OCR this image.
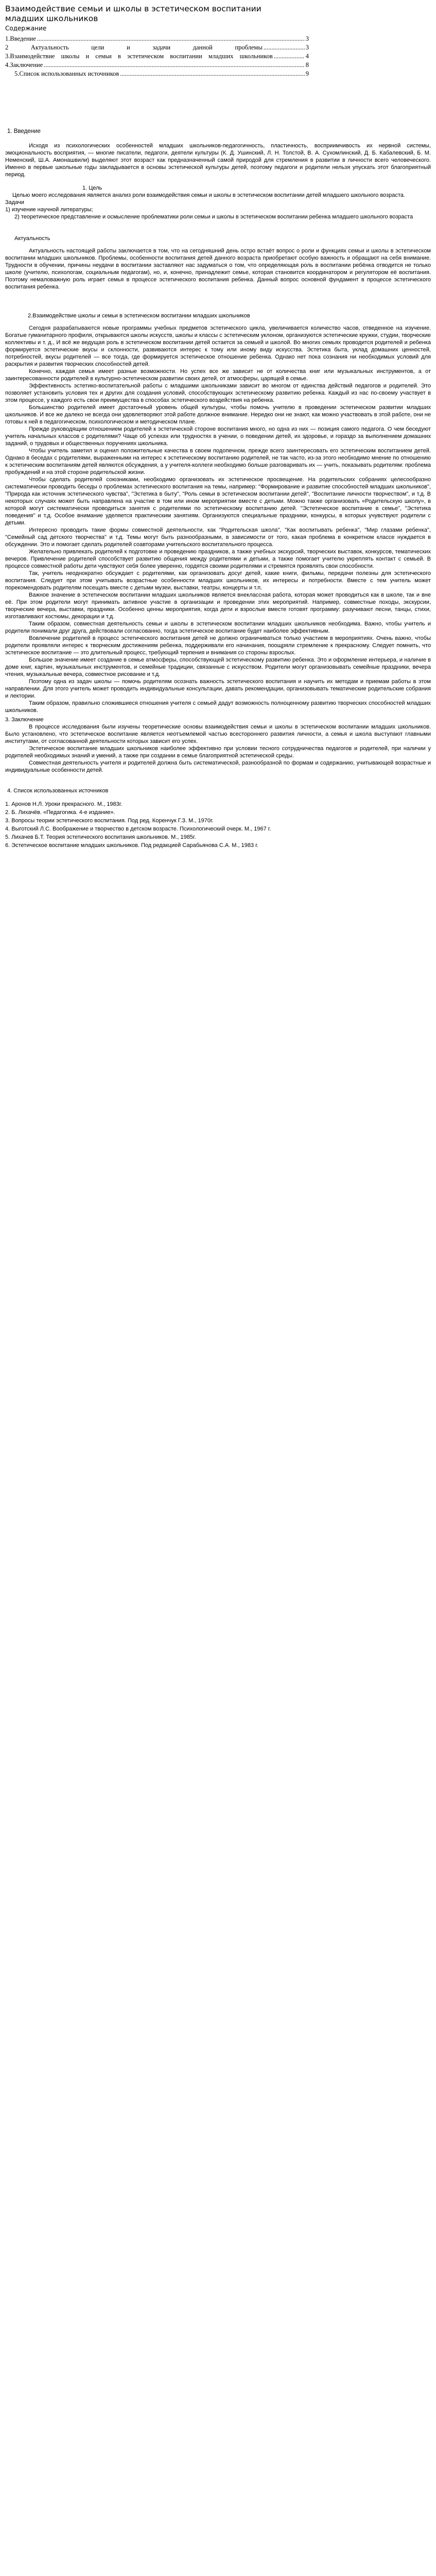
Взаимодействие семьи и школы в эстетическом воспитании младших школьников
Содержание
1.Введение .....	3
2 Актуальность цели и задачи данной проблемы .....	3
3.Взаимодействие школы и семьи в эстетическом воспитании младших школьников .....	4
4.Заключение .....	8
5.Список использованных источников .....	9
1. Введение

Исходя из психологических особенностей младших школьников-педагогичность, пластичность, восприимчивость их нервной системы, эмоциональность восприятия, — многие писатели, педагоги, деятели культуры (К. Д. Ушинский, Л. Н. Толстой, В. А. Сухомлинский, Д. Б. Кабалевский, Б. М. Неменский, Ш.А. Амонашвили) выделяют этот возраст как предназначенный самой природой для стремления в развитии в личности всего человеческого. Именно в первые школьные годы закладывается в основы эстетической культуры детей, поэтому педагоги и родители нельзя упускать этот благоприятный период.

1. Цель

Целью моего исследования является анализ роли взаимодействия семьи и школы в эстетическом воспитании детей младшего школьного возраста.

Задачи

1) изучение научной литературы;

2) теоретическое представление и осмысление проблематики роли семьи и школы в эстетическом воспитании ребенка младшего школьного возраста

Актуальность

Актуальность настоящей работы заключается в том, что на сегодняшний день остро встаёт вопрос о роли и функциях семьи и школы в эстетическом воспитании младших школьников. Проблемы, особенности воспитания детей данного возраста приобретают особую важность и обращают на себя внимание. Трудности в обучении, причины неудачи в воспитании заставляют нас задуматься о том, что определяющая роль в воспитании ребёнка отводится не только школе (учителю, психологам, социальным педагогам), но, и, конечно, принадлежит семье, которая становится координатором и регулятором её воспитания. Поэтому немаловажную роль играет семья в процессе эстетического воспитания ребенка. Данный вопрос основной фундамент в процессе эстетического воспитания ребенка.

2.Взаимодействие школы и семьи в эстетическом воспитании младших школьников

Сегодня разрабатываются новые программы учебных предметов эстетического цикла, увеличивается количество часов, отведенное на изучение. Богатые гуманитарного профиля, открываются школы искусств, школы и классы с эстетическим уклоном, организуются эстетические кружки, студии, творческие коллективы и т. д., И всё же ведущая роль в эстетическом воспитании детей остается за семьей и школой. Во многих семьях проводится родителей и ребенка формируется эстетические вкусы и склонности, развиваются интерес к тому или иному виду искусства. Эстетика быта, уклад домашних ценностей, потребностей, вкусы родителей — все тогда, где формируется эстетическое отношение ребенка. Однако нет пока сознания ни необходимых условий для раскрытия и развития творческих способностей детей.

Конечно, каждая семья имеет разные возможности. Но успех все же зависит не от количества книг или музыкальных инструментов, а от заинтересованности родителей в культурно-эстетическом развитии своих детей, от атмосферы, царящей в семье.

Эффективность эстетико-воспитательной работы с младшими школьниками зависит во многом от единства действий педагогов и родителей. Это позволяет установить условия тех и других для создания условий, способствующих эстетическому развитию ребенка. Каждый из нас по-своему участвует в этом процессе, у каждого есть свои преимущества в способах эстетического воздействия на ребенка.

Большинство родителей имеет достаточный уровень общей культуры, чтобы помочь учителю в проведении эстетическом развитии младших школьников. И все же далеко не всегда они удовлетворяют этой работе должное внимание. Нередко они не знают, как можно участвовать в этой работе, они не готовы к ней в педагогическом, психологическом и методическом плане.

Прежде руководящим отношением родителей к эстетической стороне воспитания много, но одна из них — позиция самого педагога. О чем беседуют учитель начальных классов с родителями? Чаще об успехах или трудностях в учении, о поведении детей, их здоровье, и гораздо за выполнением домашних заданий, о трудовых и общественных поручениях школьника.

Чтобы учитель заметил и оценил положительные качества в своем подопечном, прежде всего заинтересовать его эстетическим воспитанием детей. Однако в беседах с родителями, выраженными на интерес к эстетическому воспитанию родителей, не так часто, из-за этого необходимо мнение по отношению к эстетическим воспитаниям детей являются обсуждения, а у учителя-коллеги необходимо больше разговаривать их — учить, показывать родителям: проблема пробуждений и на этой стороне родительской жизни.

Чтобы сделать родителей союзниками, необходимо организовать их эстетическое просвещение. На родительских собраниях целесообразно систематически проводить беседы о проблемах эстетического воспитания на темы, например: "Формирование и развитие способностей младших школьников", "Природа как источник эстетического чувства", "Эстетика в быту", "Роль семьи в эстетическом воспитании детей", "Воспитание личности творчеством", и т.д. В некоторых случаях может быть направлена на участие в том или ином мероприятии вместе с детьми. Можно также организовать «Родительскую школу», в которой могут систематически проводиться занятия с родителями по эстетическому воспитанию детей. "Эстетическое воспитание в семье", "Эстетика поведения" и т.д. Особое внимание уделяется практическим занятиям. Организуются специальные праздники, конкурсы, в которых учувствуют родители с детьми.

Интересно проводить такие формы совместной деятельности, как "Родительская школа", "Как воспитывать ребенка", "Мир глазами ребенка", "Семейный сад детского творчества" и т.д. Темы могут быть разнообразными, в зависимости от того, какая проблема в конкретном классе нуждается в обсуждении. Это и помогает сделать родителей соавторами учительского воспитательного процесса.

Желательно привлекать родителей к подготовке и проведению праздников, а также учебных экскурсий, творческих выставок, конкурсов, тематических вечеров. Привлечение родителей способствует развитию общения между родителями и детьми, а также помогает учителю укреплять контакт с семьей. В процессе совместной работы дети чувствуют себя более уверенно, гордятся своими родителями и стремятся проявлять свои способности.

Так, учитель неоднократно обсуждает с родителями, как организовать досуг детей, какие книги, фильмы, передачи полезны для эстетического воспитания. Следует при этом учитывать возрастные особенности младших школьников, их интересы и потребности. Вместе с тем учитель может порекомендовать родителям посещать вместе с детьми музеи, выставки, театры, концерты и т.п.

Важное значение в эстетическом воспитании младших школьников является внеклассная работа, которая может проводиться как в школе, так и вне её. При этом родители могут принимать активное участие в организации и проведении этих мероприятий. Например, совместные походы, экскурсии, творческие вечера, выставки, праздники. Особенно ценны мероприятия, когда дети и взрослые вместе готовят программу: разучивают песни, танцы, стихи, изготавливают костюмы, декорации и т.д.

Таким образом, совместная деятельность семьи и школы в эстетическом воспитании младших школьников необходима. Важно, чтобы учитель и родители понимали друг друга, действовали согласованно, тогда эстетическое воспитание будет наиболее эффективным.

Вовлечение родителей в процесс эстетического воспитания детей не должно ограничиваться только участием в мероприятиях. Очень важно, чтобы родители проявляли интерес к творческим достижениям ребенка, поддерживали его начинания, поощряли стремление к прекрасному. Следует помнить, что эстетическое воспитание — это длительный процесс, требующий терпения и внимания со стороны взрослых.

Большое значение имеет создание в семье атмосферы, способствующей эстетическому развитию ребенка. Это и оформление интерьера, и наличие в доме книг, картин, музыкальных инструментов, и семейные традиции, связанные с искусством. Родители могут организовывать семейные праздники, вечера чтения, музыкальные вечера, совместное рисование и т.д.

Поэтому одна из задач школы — помочь родителям осознать важность эстетического воспитания и научить их методам и приемам работы в этом направлении. Для этого учитель может проводить индивидуальные консультации, давать рекомендации, организовывать тематические родительские собрания и лектории.

Таким образом, правильно сложившиеся отношения учителя с семьей дадут возможность полноценному развитию творческих способностей младших школьников.

3. Заключение

В процессе исследования были изучены теоретические основы взаимодействия семьи и школы в эстетическом воспитании младших школьников. Было установлено, что эстетическое воспитание является неотъемлемой частью всестороннего развития личности, а семья и школа выступают главными институтами, от согласованной деятельности которых зависит его успех.

Эстетическое воспитание младших школьников наиболее эффективно при условии тесного сотрудничества педагогов и родителей, при наличии у родителей необходимых знаний и умений, а также при создании в семье благоприятной эстетической среды.

Совместная деятельность учителя и родителей должна быть систематической, разнообразной по формам и содержанию, учитывающей возрастные и индивидуальные особенности детей.

4. Список использованных источников
1. Аронов Н.Л. Уроки прекрасного. М., 1983г.
2. Б. Лихачёв. «Педагогика. 4-е издание».
3. Вопросы теории эстетического воспитания. Под ред. Коренчук Г.З. М., 1970г.
4. Выготский Л.С. Воображение и творчество в детском возрасте. Психологический очерк. М., 1967 г.
5. Лихачев Б.Т. Теория эстетического воспитания школьников. М., 1985г.
6. Эстетическое воспитание младших школьников. Под редакцией Сарабьянова С.А. М., 1983 г.
